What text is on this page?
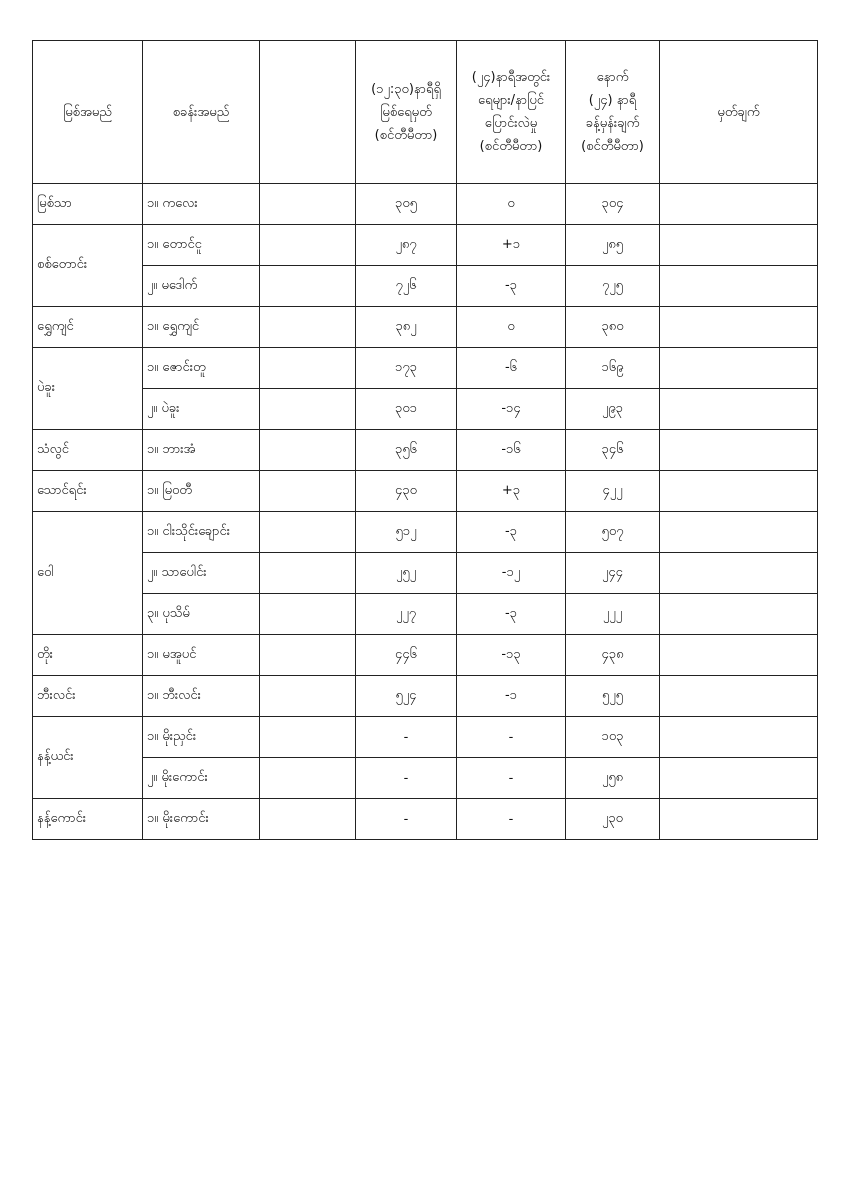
မြစ်အမည်	စခန်းအမည်		(၁၂:၃၀)နာရီရှိ
မြစ်ရေမှတ်
(စင်တီမီတာ)	(၂၄)နာရီအတွင်း
ရေများ/နာပြင်
ပြောင်းလဲမှု
(စင်တီမီတာ)	နောက်
(၂၄) နာရီ
ခန့်မှန်းချက်
(စင်တီမီတာ)	မှတ်ချက်
မြစ်သာ	၁။ ကလေး		၃၀၅	၀	၃၀၄	
စစ်တောင်း	၁။ တောင်ငူ		၂၈၇	+၁	၂၈၅	
	၂။ မဒေါက်		၇၂၆	-၃	၇၂၅	
ရွှေကျင်	၁။ ရွှေကျင်		၃၈၂	၀	၃၈၀	
ပဲခူး	၁။ ဇောင်းတူ		၁၇၃	-၆	၁၆၉	
	၂။ ပဲခူး		၃၀၁	-၁၄	၂၉၃	
သံလွင်	၁။ ဘားအံ		၃၅၆	-၁၆	၃၄၆	
သောင်ရင်း	၁။ မြဝတီ		၄၃၀	+၃	၄၂၂	
ဝေါ	၁။ ငါးသိုင်းချောင်း		၅၁၂	-၃	၅၀၇	
	၂။ သာပေါင်း		၂၅၂	-၁၂	၂၄၄	
	၃။ ပုသိမ်		၂၂၇	-၃	၂၂၂	
တိုး	၁။ မအူပင်		၄၄၆	-၁၃	၄၃၈	
ဘီးလင်း	၁။ ဘီးလင်း		၅၂၄	-၁	၅၂၅	
နန့်ယင်း	၁။ မိုးညှင်း		-	-	၁၀၃	
	၂။ မိုးကောင်း		-	-	၂၅၈	
နန့်ကောင်း	၁။ မိုးကောင်း		-	-	၂၃၀	
